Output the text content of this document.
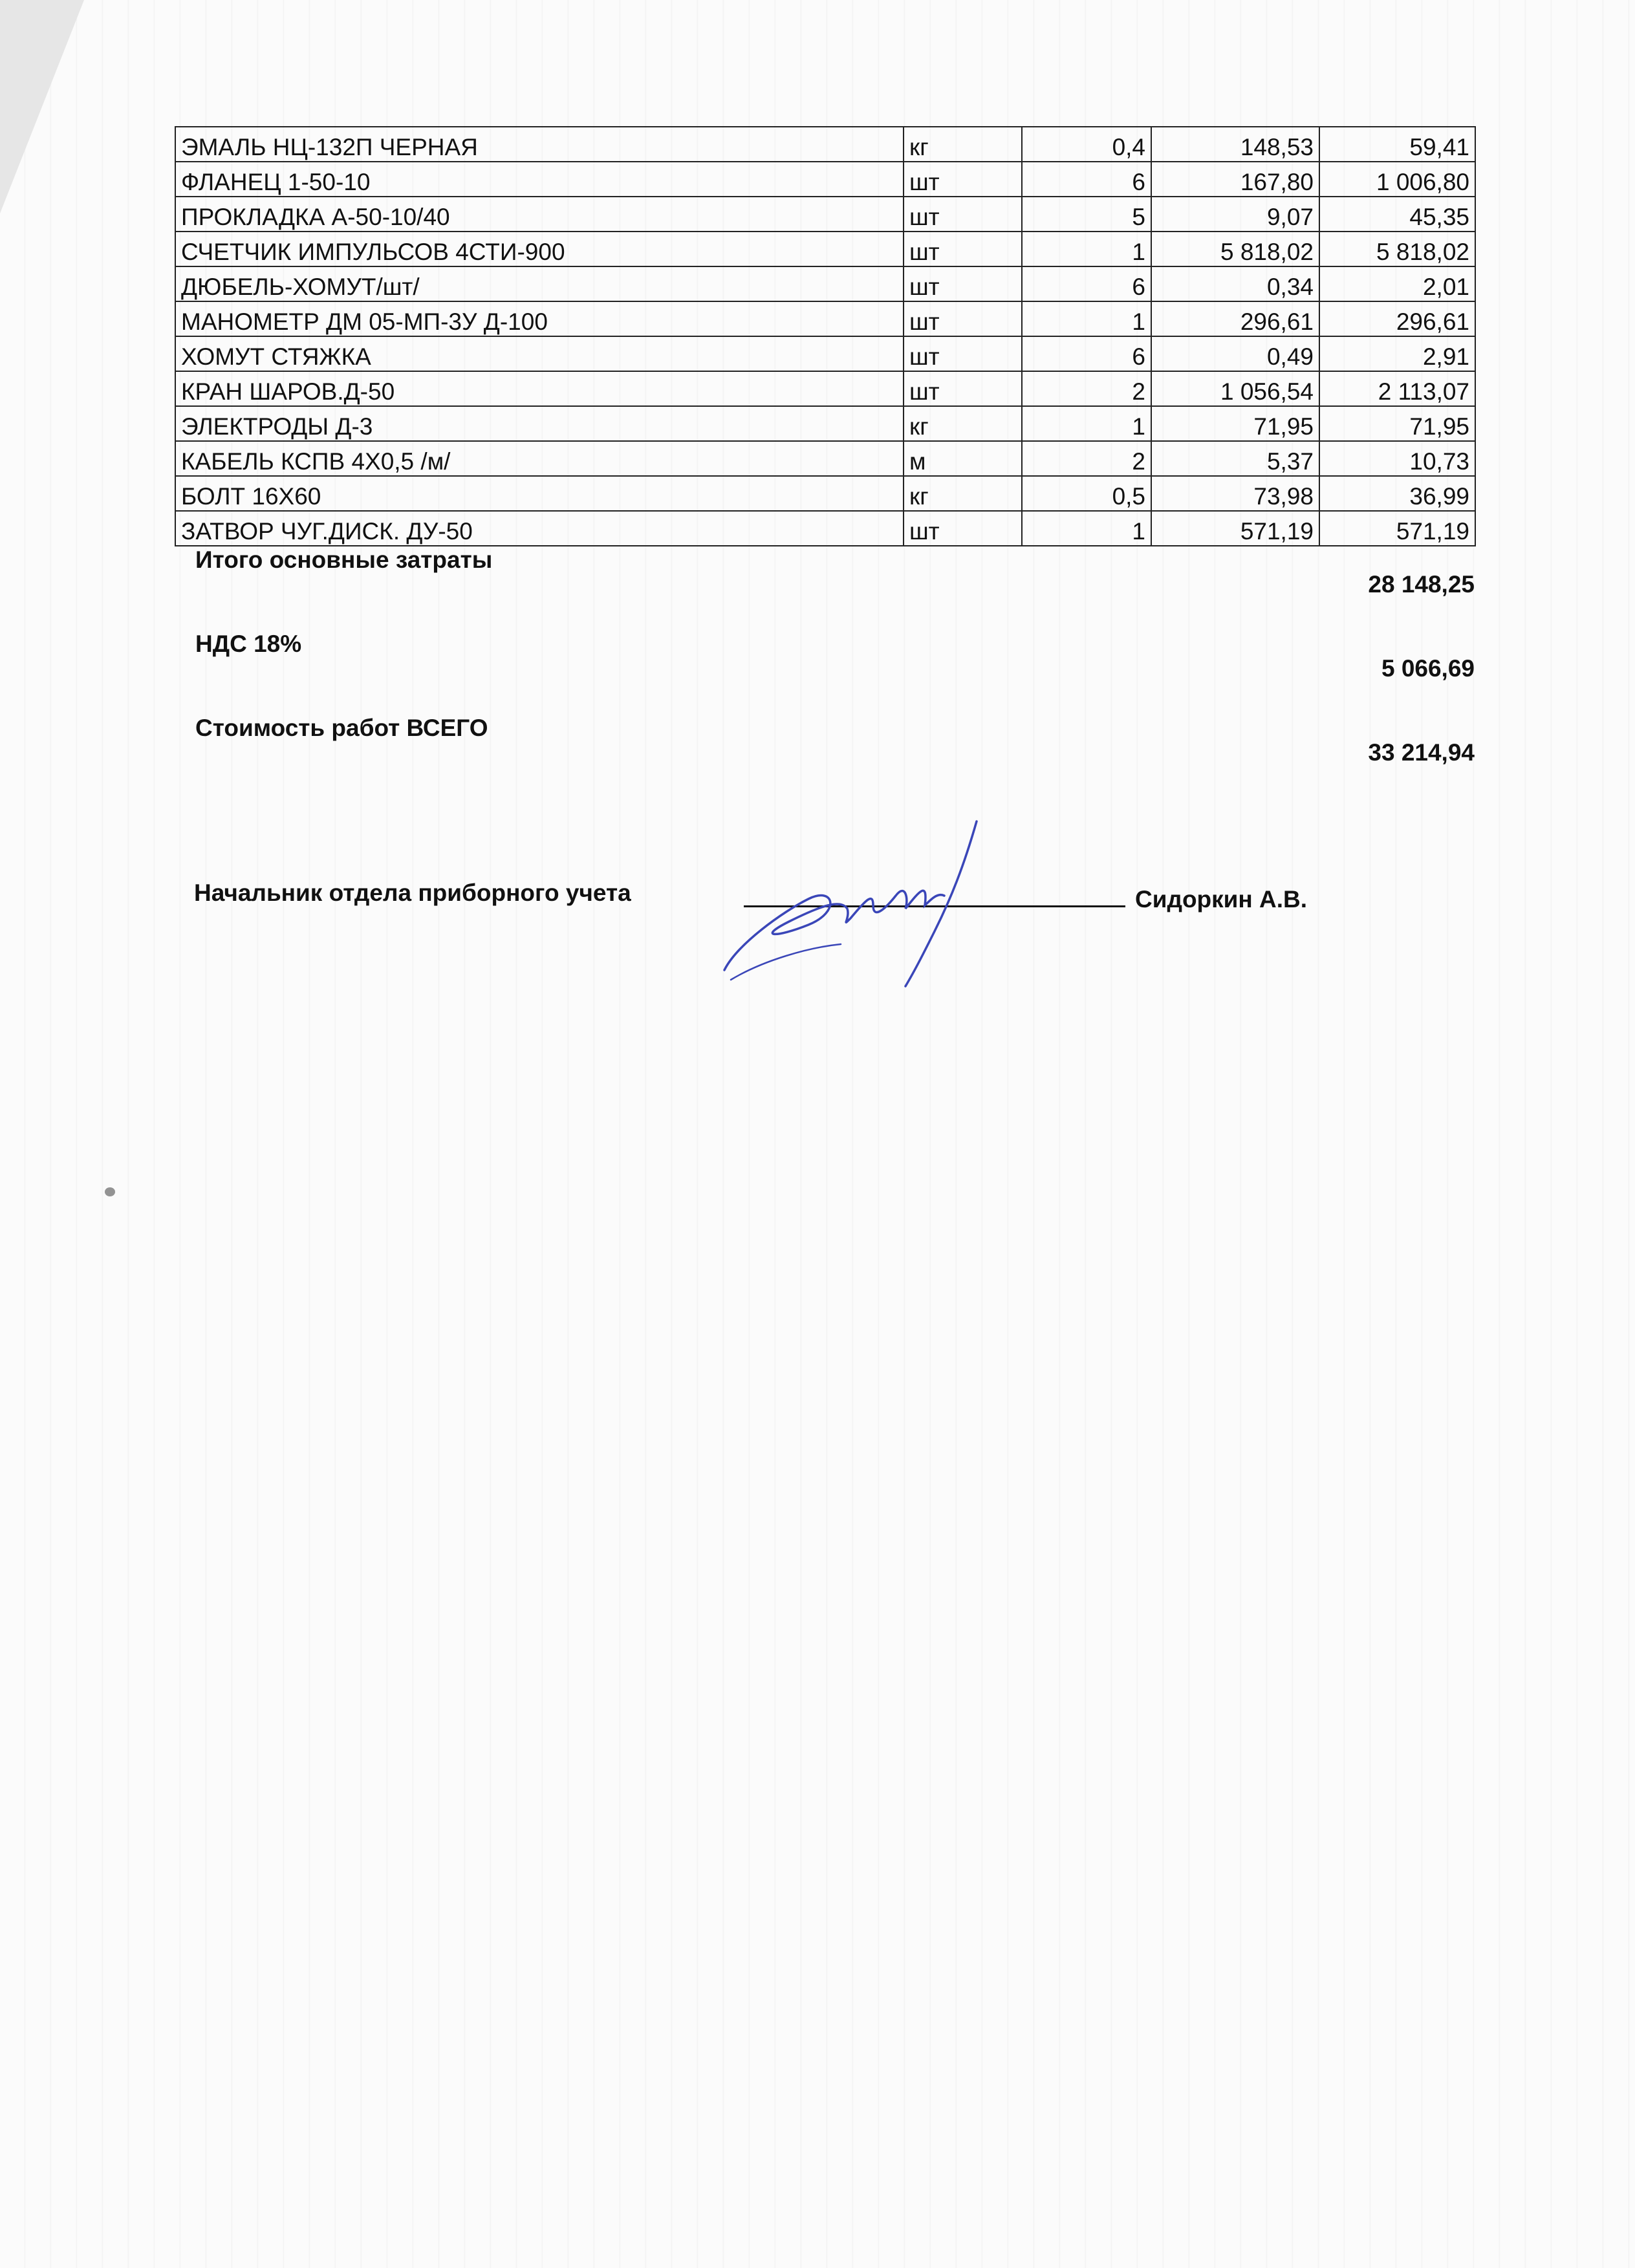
ЭМАЛЬ НЦ-132П ЧЕРНАЯ	кг	0,4	148,53	59,41
ФЛАНЕЦ 1-50-10	шт	6	167,80	1 006,80
ПРОКЛАДКА А-50-10/40	шт	5	9,07	45,35
СЧЕТЧИК ИМПУЛЬСОВ 4СТИ-900	шт	1	5 818,02	5 818,02
ДЮБЕЛЬ-ХОМУТ/шт/	шт	6	0,34	2,01
МАНОМЕТР ДМ 05-МП-3У Д-100	шт	1	296,61	296,61
ХОМУТ СТЯЖКА	шт	6	0,49	2,91
КРАН ШАРОВ.Д-50	шт	2	1 056,54	2 113,07
ЭЛЕКТРОДЫ Д-3	кг	1	71,95	71,95
КАБЕЛЬ КСПВ 4Х0,5 /м/	м	2	5,37	10,73
БОЛТ 16Х60	кг	0,5	73,98	36,99
ЗАТВОР ЧУГ.ДИСК. ДУ-50	шт	1	571,19	571,19
Итого основные затраты
28 148,25
НДС 18%
5 066,69
Стоимость работ ВСЕГО
33 214,94
Начальник отдела приборного учета	Сидоркин А.В.
